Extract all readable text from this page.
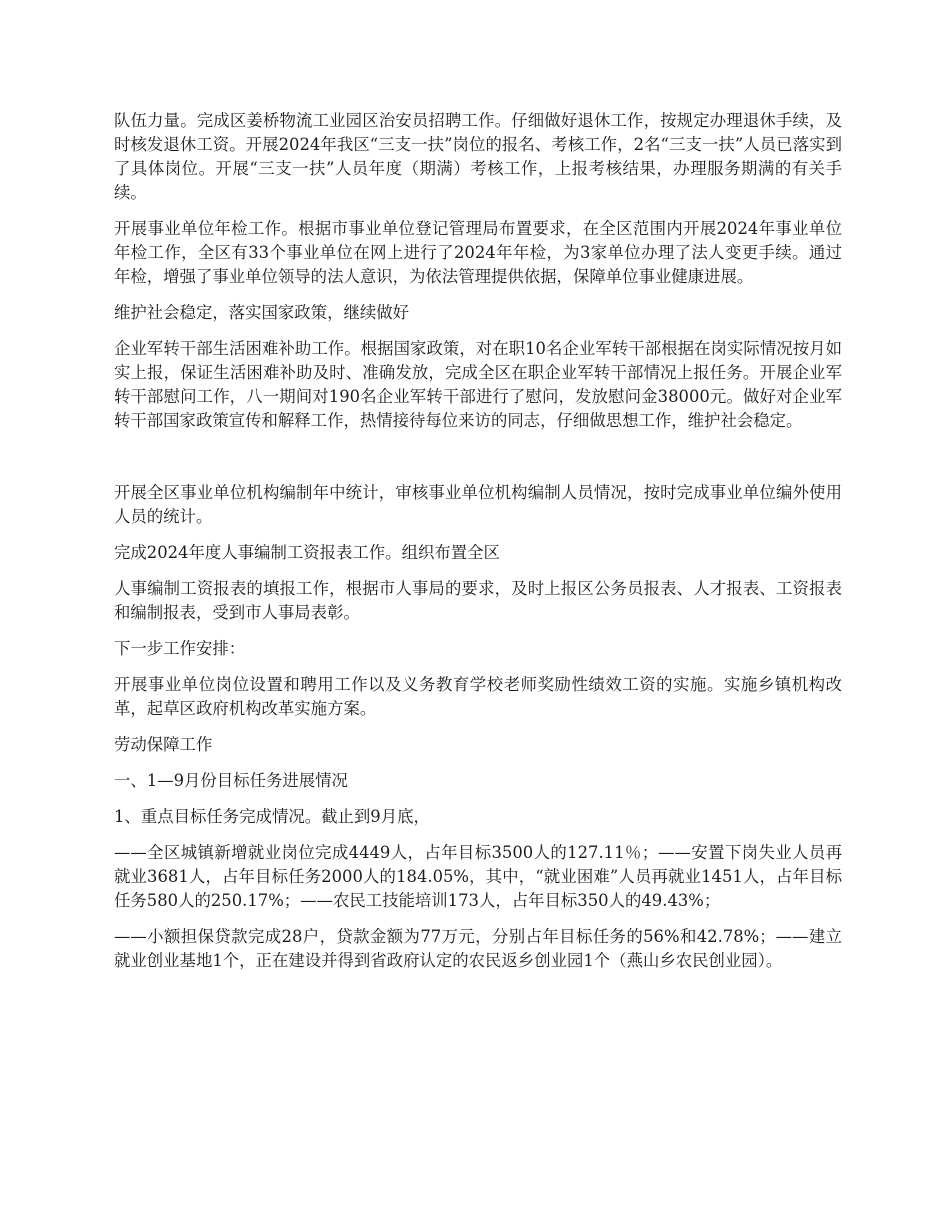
队伍力量。完成区姜桥物流工业园区治安员招聘工作。仔细做好退休工作，按规定办理退休手续，及时核发退休工资。开展2024年我区“三支一扶”岗位的报名、考核工作，2名“三支一扶”人员已落实到了具体岗位。开展“三支一扶”人员年度（期满）考核工作，上报考核结果，办理服务期满的有关手续。

开展事业单位年检工作。根据市事业单位登记管理局布置要求，在全区范围内开展2024年事业单位年检工作，全区有33个事业单位在网上进行了2024年年检，为3家单位办理了法人变更手续。通过年检，增强了事业单位领导的法人意识，为依法管理提供依据，保障单位事业健康进展。

维护社会稳定，落实国家政策，继续做好

企业军转干部生活困难补助工作。根据国家政策，对在职10名企业军转干部根据在岗实际情况按月如实上报，保证生活困难补助及时、准确发放，完成全区在职企业军转干部情况上报任务。开展企业军转干部慰问工作，八一期间对190名企业军转干部进行了慰问，发放慰问金38000元。做好对企业军转干部国家政策宣传和解释工作，热情接待每位来访的同志，仔细做思想工作，维护社会稳定。

开展全区事业单位机构编制年中统计，审核事业单位机构编制人员情况，按时完成事业单位编外使用人员的统计。

完成2024年度人事编制工资报表工作。组织布置全区

人事编制工资报表的填报工作，根据市人事局的要求，及时上报区公务员报表、人才报表、工资报表和编制报表，受到市人事局表彰。

下一步工作安排：

开展事业单位岗位设置和聘用工作以及义务教育学校老师奖励性绩效工资的实施。实施乡镇机构改革，起草区政府机构改革实施方案。

劳动保障工作

一、1—9月份目标任务进展情况

1、重点目标任务完成情况。截止到9月底，

——全区城镇新增就业岗位完成4449人，占年目标3500人的127.11％；——安置下岗失业人员再就业3681人，占年目标任务2000人的184.05%，其中，“就业困难”人员再就业1451人，占年目标任务580人的250.17%；——农民工技能培训173人，占年目标350人的49.43%；

——小额担保贷款完成28户，贷款金额为77万元，分别占年目标任务的56%和42.78%；——建立就业创业基地1个，正在建设并得到省政府认定的农民返乡创业园1个（燕山乡农民创业园）。
